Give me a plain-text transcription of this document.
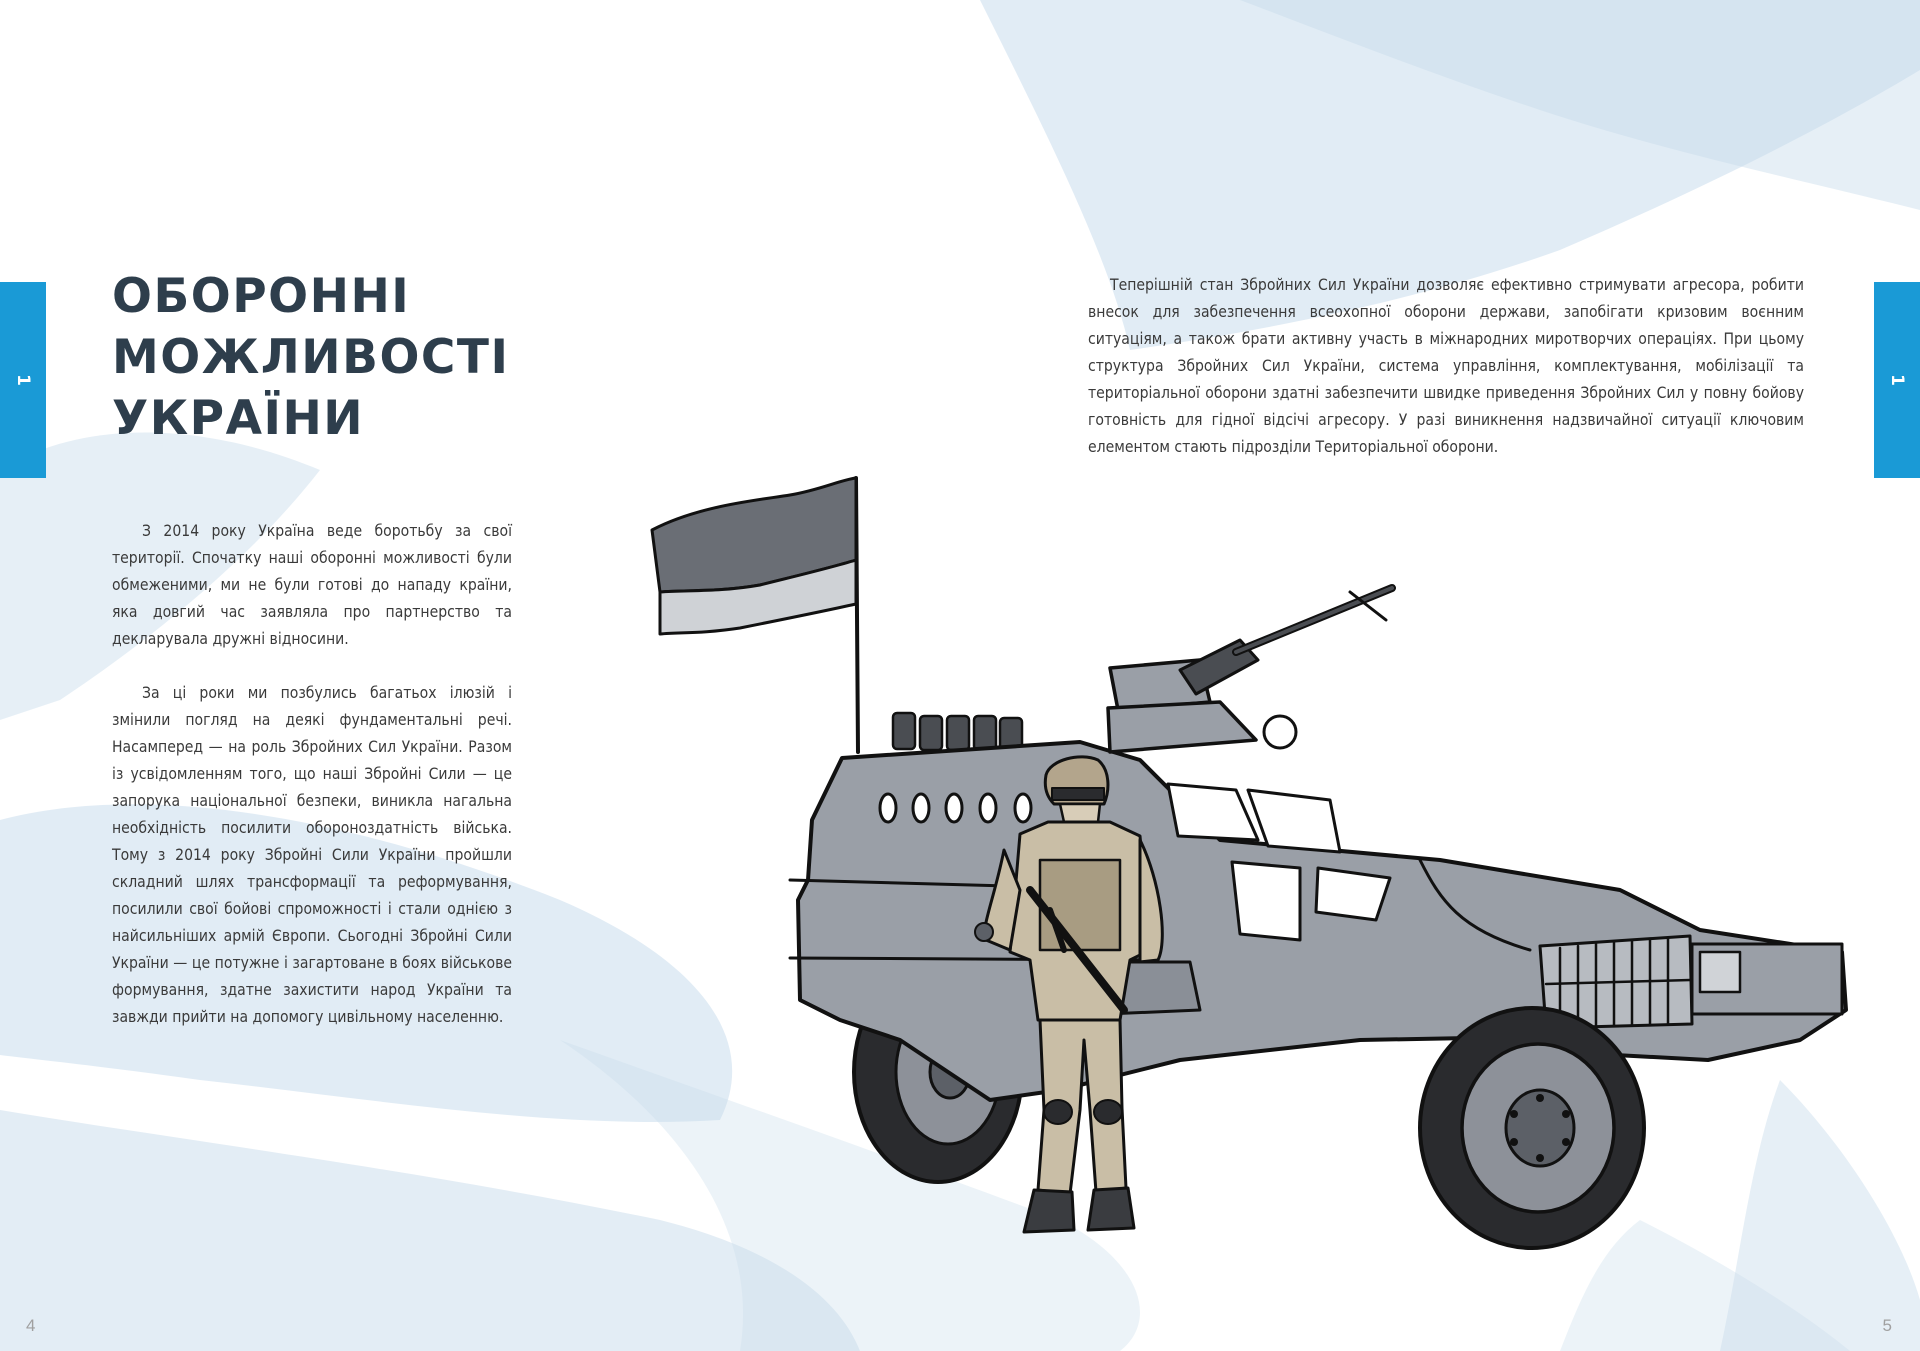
1	1
ОБОРОННІ
МОЖЛИВОСТІ
УКРАЇНИ

З 2014 року Україна веде боротьбу за свої території. Спочатку наші оборонні можливості були обмеженими, ми не були готові до нападу країни, яка довгий час заявляла про партнерство та декларувала дружні відносини.

За ці роки ми позбулись багатьох ілюзій і змінили погляд на деякі фундаментальні речі. Насамперед — на роль Збройних Сил України. Разом із усвідомленням того, що наші Збройні Сили — це запорука національної безпеки, виникла нагальна необхідність посилити обороноздатність війська. Тому з 2014 року Збройні Сили України пройшли складний шлях трансформації та реформування, посилили свої бойові спроможності і стали однією з найсильніших армій Європи. Сьогодні Збройні Сили України — це потужне і загартоване в боях військове формування, здатне захистити народ України та завжди прийти на допомогу цивільному населенню.

Теперішній стан Збройних Сил України дозволяє ефективно стримувати агресора, робити внесок для забезпечення всеохопної оборони держави, запобігати кризовим воєнним ситуаціям, а також брати активну участь в міжнародних миротворчих операціях. При цьому структура Збройних Сил України, система управління, комплектування, мобілізації та територіальної оборони здатні забезпечити швидке приведення Збройних Сил у повну бойову готовність для гідної відсічі агресору. У разі виникнення надзвичайної ситуації ключовим елементом стають підрозділи Територіальної оборони.

4	5
